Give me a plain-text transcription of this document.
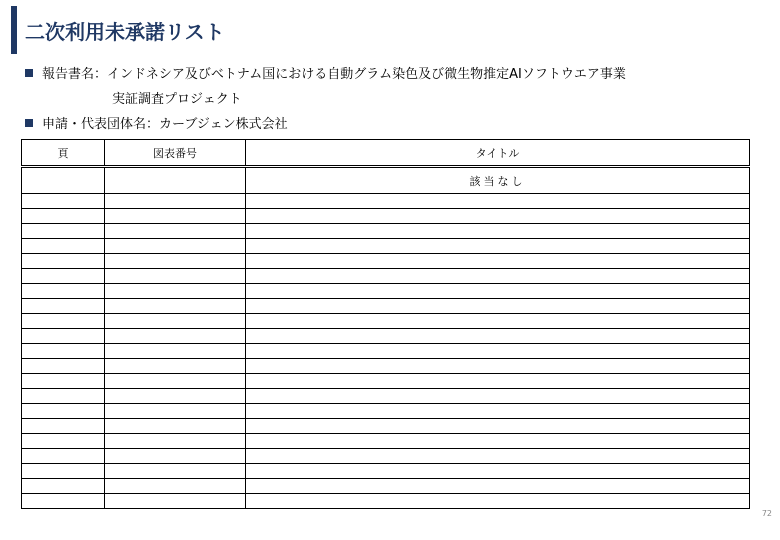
二次利用未承諾リスト
報告書名：インドネシア及びベトナム国における自動グラム染色及び微生物推定AIソフトウエア事業
実証調査プロジェクト
申請・代表団体名：カーブジェン株式会社
頁	図表番号	タイトル
		該当なし

72
